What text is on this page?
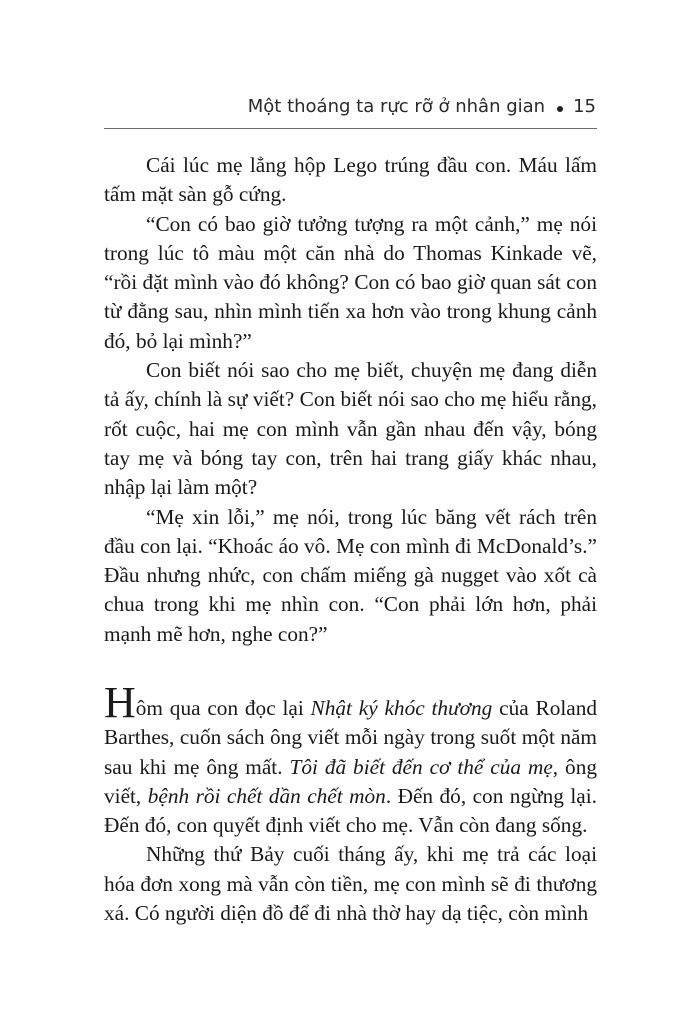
Một thoáng ta rực rỡ ở nhân gian 15

Cái lúc mẹ lẳng hộp Lego trúng đầu con. Máu lấm tấm mặt sàn gỗ cứng.

“Con có bao giờ tưởng tượng ra một cảnh,” mẹ nói trong lúc tô màu một căn nhà do Thomas Kinkade vẽ, “rồi đặt mình vào đó không? Con có bao giờ quan sát con từ đằng sau, nhìn mình tiến xa hơn vào trong khung cảnh đó, bỏ lại mình?”

Con biết nói sao cho mẹ biết, chuyện mẹ đang diễn tả ấy, chính là sự viết? Con biết nói sao cho mẹ hiểu rằng, rốt cuộc, hai mẹ con mình vẫn gần nhau đến vậy, bóng tay mẹ và bóng tay con, trên hai trang giấy khác nhau, nhập lại làm một?

“Mẹ xin lỗi,” mẹ nói, trong lúc băng vết rách trên đầu con lại. “Khoác áo vô. Mẹ con mình đi McDonald’s.” Đầu nhưng nhức, con chấm miếng gà nugget vào xốt cà chua trong khi mẹ nhìn con. “Con phải lớn hơn, phải mạnh mẽ hơn, nghe con?”

Hôm qua con đọc lại Nhật ký khóc thương của Roland Barthes, cuốn sách ông viết mỗi ngày trong suốt một năm sau khi mẹ ông mất. Tôi đã biết đến cơ thể của mẹ, ông viết, bệnh rồi chết dần chết mòn. Đến đó, con ngừng lại. Đến đó, con quyết định viết cho mẹ. Vẫn còn đang sống.

Những thứ Bảy cuối tháng ấy, khi mẹ trả các loại hóa đơn xong mà vẫn còn tiền, mẹ con mình sẽ đi thương xá. Có người diện đồ để đi nhà thờ hay dạ tiệc, còn mình
